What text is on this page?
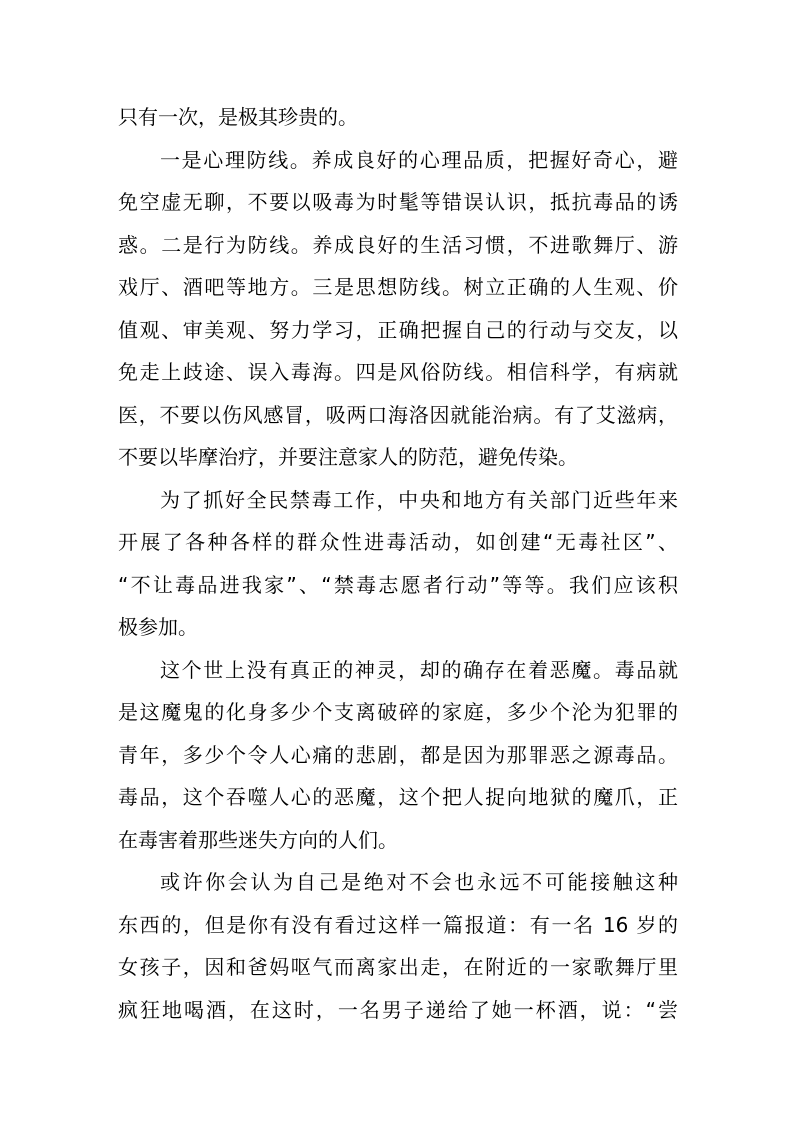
只有一次，是极其珍贵的。
一是心理防线。养成良好的心理品质，把握好奇心，避
免空虚无聊，不要以吸毒为时髦等错误认识，抵抗毒品的诱
惑。二是行为防线。养成良好的生活习惯，不进歌舞厅、游
戏厅、酒吧等地方。三是思想防线。树立正确的人生观、价
值观、审美观、努力学习，正确把握自己的行动与交友，以
免走上歧途、误入毒海。四是风俗防线。相信科学，有病就
医，不要以伤风感冒，吸两口海洛因就能治病。有了艾滋病，
不要以毕摩治疗，并要注意家人的防范，避免传染。
为了抓好全民禁毒工作，中央和地方有关部门近些年来
开展了各种各样的群众性进毒活动，如创建“无毒社区”、
“不让毒品进我家”、“禁毒志愿者行动”等等。我们应该积
极参加。
这个世上没有真正的神灵，却的确存在着恶魔。毒品就
是这魔鬼的化身多少个支离破碎的家庭，多少个沦为犯罪的
青年，多少个令人心痛的悲剧，都是因为那罪恶之源毒品。
毒品，这个吞噬人心的恶魔，这个把人捉向地狱的魔爪，正
在毒害着那些迷失方向的人们。
或许你会认为自己是绝对不会也永远不可能接触这种
东西的，但是你有没有看过这样一篇报道：有一名 16 岁的
女孩子，因和爸妈呕气而离家出走，在附近的一家歌舞厅里
疯狂地喝酒，在这时，一名男子递给了她一杯酒，说：“尝
